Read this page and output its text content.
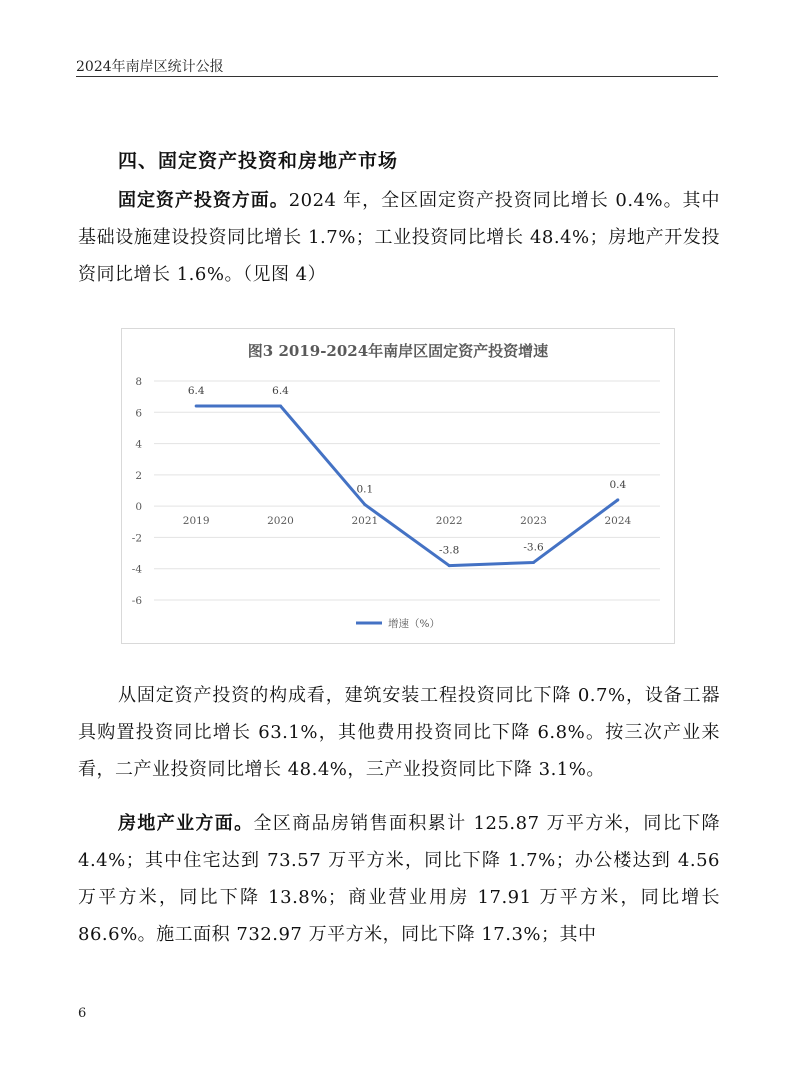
2024年南岸区统计公报
四、固定资产投资和房地产市场
固定资产投资方面。2024 年，全区固定资产投资同比增长 0.4%。其中基础设施建设投资同比增长 1.7%；工业投资同比增长 48.4%；房地产开发投资同比增长 1.6%。（见图 4）
图3 2019-2024年南岸区固定资产投资增速
8
6
4
2
0
-2
-4
-6
2019	2020	2021	2022	2023	2024
6.4	6.4
0.1
-3.8	-3.6
0.4
增速（%）
从固定资产投资的构成看，建筑安装工程投资同比下降 0.7%，设备工器具购置投资同比增长 63.1%，其他费用投资同比下降 6.8%。按三次产业来看，二产业投资同比增长 48.4%，三产业投资同比下降 3.1%。
房地产业方面。全区商品房销售面积累计 125.87 万平方米，同比下降 4.4%；其中住宅达到 73.57 万平方米，同比下降 1.7%；办公楼达到 4.56 万平方米，同比下降 13.8%；商业营业用房 17.91 万平方米，同比增长 86.6%。施工面积 732.97 万平方米，同比下降 17.3%；其中
6
